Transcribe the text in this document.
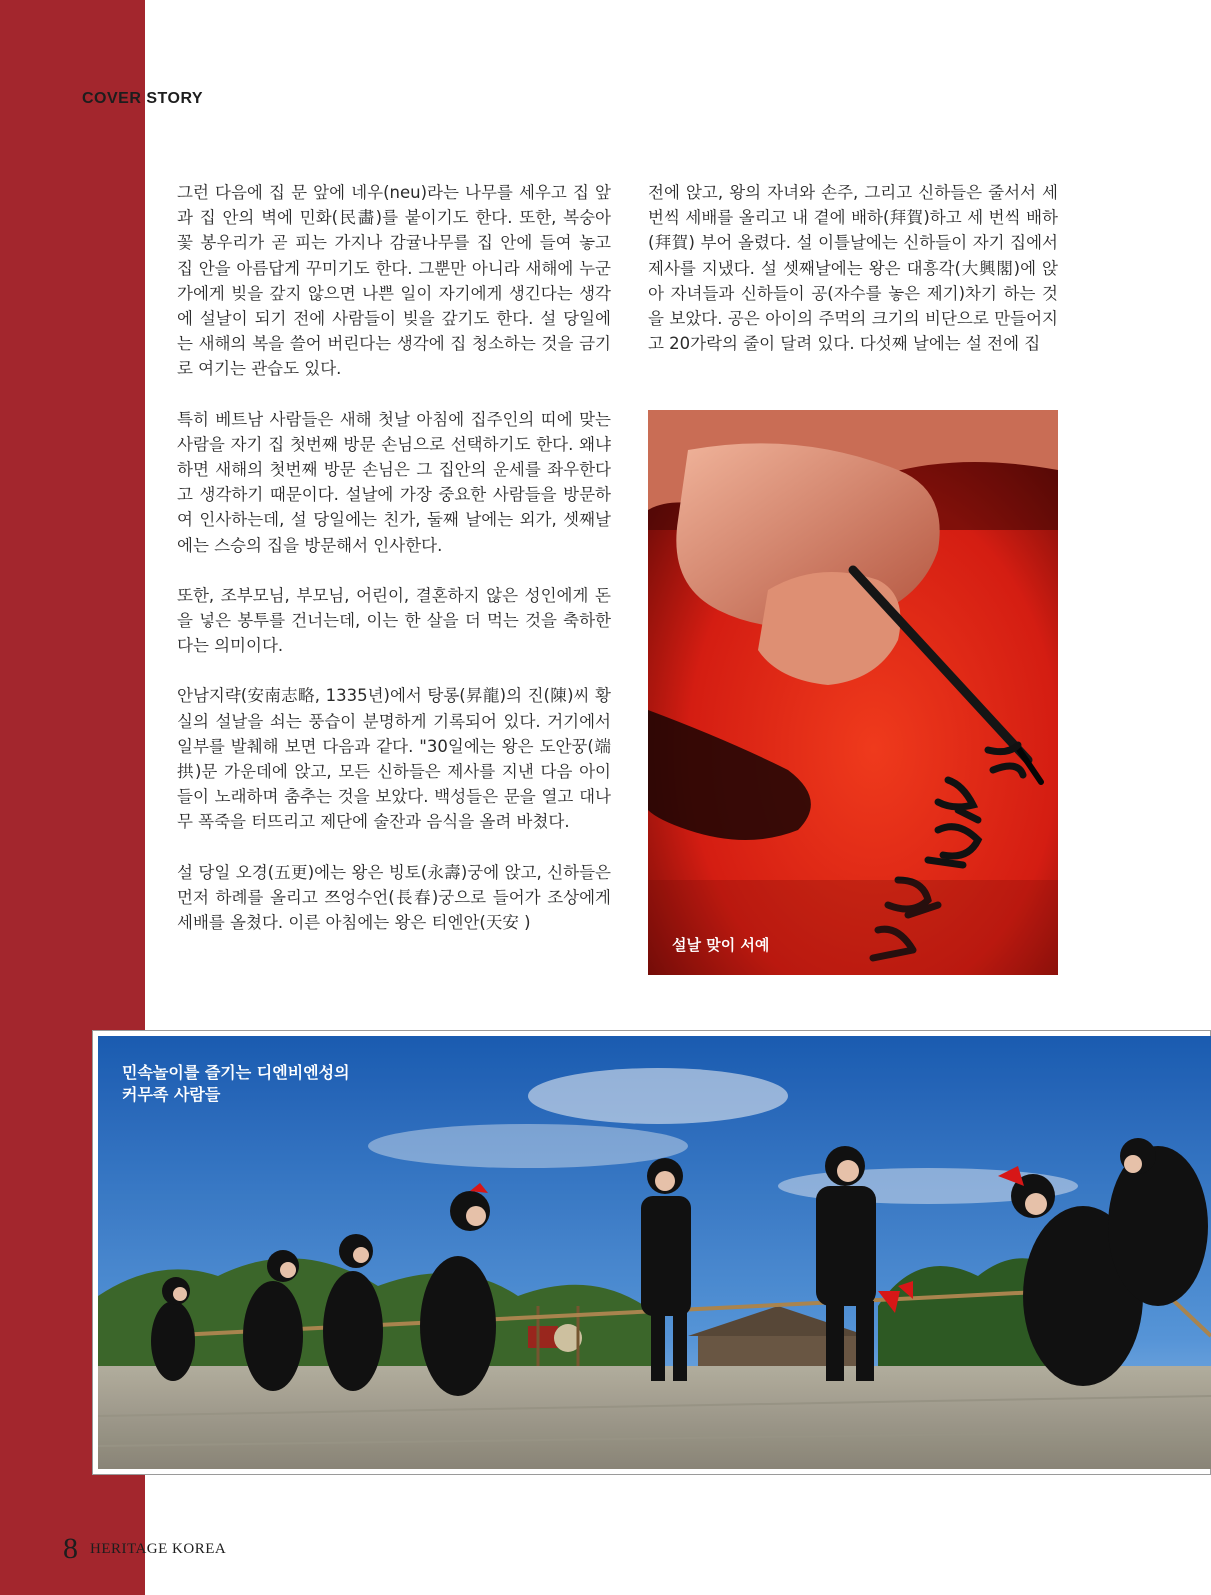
COVER STORY

그런 다음에 집 문 앞에 네우(neu)라는 나무를 세우고 집 앞과 집 안의 벽에 민화(民畵)를 붙이기도 한다. 또한, 복숭아 꽃 봉우리가 곧 피는 가지나 감귤나무를 집 안에 들여 놓고 집 안을 아름답게 꾸미기도 한다. 그뿐만 아니라 새해에 누군가에게 빚을 갚지 않으면 나쁜 일이 자기에게 생긴다는 생각에 설날이 되기 전에 사람들이 빚을 갚기도 한다. 설 당일에는 새해의 복을 쓸어 버린다는 생각에 집 청소하는 것을 금기로 여기는 관습도 있다.

특히 베트남 사람들은 새해 첫날 아침에 집주인의 띠에 맞는 사람을 자기 집 첫번째 방문 손님으로 선택하기도 한다. 왜냐하면 새해의 첫번째 방문 손님은 그 집안의 운세를 좌우한다고 생각하기 때문이다. 설날에 가장 중요한 사람들을 방문하여 인사하는데, 설 당일에는 친가, 둘째 날에는 외가, 셋째날에는 스승의 집을 방문해서 인사한다.

또한, 조부모님, 부모님, 어린이, 결혼하지 않은 성인에게 돈을 넣은 봉투를 건너는데, 이는 한 살을 더 먹는 것을 축하한다는 의미이다.

안남지략(安南志略, 1335년)에서 탕롱(昇龍)의 진(陳)씨 황실의 설날을 쇠는 풍습이 분명하게 기록되어 있다. 거기에서 일부를 발췌해 보면 다음과 같다. "30일에는 왕은 도안꿍(端拱)문 가운데에 앉고, 모든 신하들은 제사를 지낸 다음 아이들이 노래하며 춤추는 것을 보았다. 백성들은 문을 열고 대나무 폭죽을 터뜨리고 제단에 술잔과 음식을 올려 바쳤다.

설 당일 오경(五更)에는 왕은 빙토(永壽)궁에 앉고, 신하들은 먼저 하례를 올리고 쯔엉수언(長春)궁으로 들어가 조상에게 세배를 올쳤다. 이른 아침에는 왕은 티엔안(天安 )

전에 앉고, 왕의 자녀와 손주, 그리고 신하들은 줄서서 세번씩 세배를 올리고 내 곁에 배하(拜賀)하고 세 번씩 배하(拜賀) 부어 올렸다. 설 이틀날에는 신하들이 자기 집에서 제사를 지냈다. 설 셋째날에는 왕은 대흥각(大興閣)에 앉아 자녀들과 신하들이 공(자수를 놓은 제기)차기 하는 것을 보았다. 공은 아이의 주먹의 크기의 비단으로 만들어지고 20가락의 줄이 달려 있다. 다섯째 날에는 설 전에 집

설날 맞이 서예
민속놀이를 즐기는 디엔비엔성의
커무족 사람들
8 HERITAGE KOREA
